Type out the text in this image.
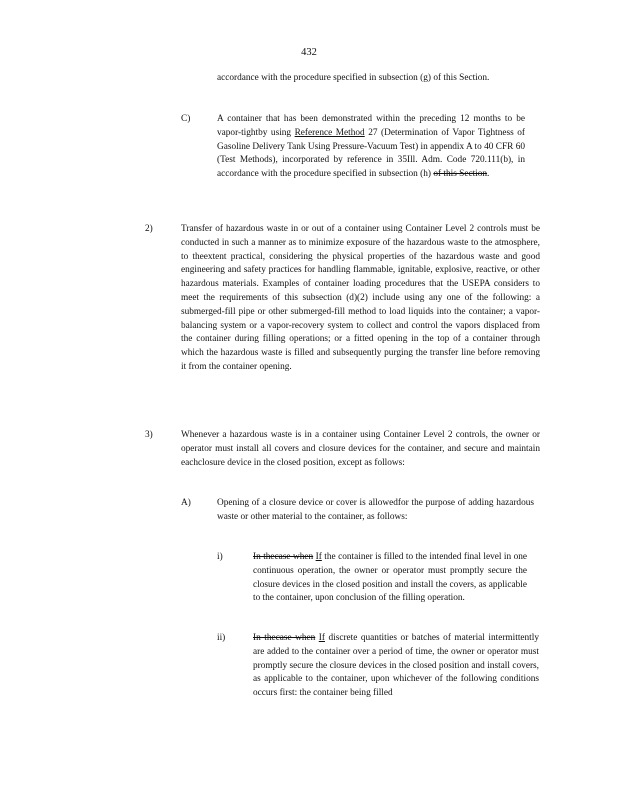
432
accordance with the procedure specified in subsection (g) of this Section.
C)	A container that has been demonstrated within the preceding 12 months to be vapor-tightby using Reference Method 27 (Determination of Vapor Tightness of Gasoline Delivery Tank Using Pressure-Vacuum Test) in appendix A to 40 CFR 60 (Test Methods), incorporated by reference in 35Ill. Adm. Code 720.111(b), in accordance with the procedure specified in subsection (h) of this Section.
2)	Transfer of hazardous waste in or out of a container using Container Level 2 controls must be conducted in such a manner as to minimize exposure of the hazardous waste to the atmosphere, to theextent practical, considering the physical properties of the hazardous waste and good engineering and safety practices for handling flammable, ignitable, explosive, reactive, or other hazardous materials. Examples of container loading procedures that the USEPA considers to meet the requirements of this subsection (d)(2) include using any one of the following: a submerged-fill pipe or other submerged-fill method to load liquids into the container; a vapor-balancing system or a vapor-recovery system to collect and control the vapors displaced from the container during filling operations; or a fitted opening in the top of a container through which the hazardous waste is filled and subsequently purging the transfer line before removing it from the container opening.
3)	Whenever a hazardous waste is in a container using Container Level 2 controls, the owner or operator must install all covers and closure devices for the container, and secure and maintain eachclosure device in the closed position, except as follows:
A)	Opening of a closure device or cover is allowedfor the purpose of adding hazardous waste or other material to the container, as follows:
i)	In thecase when If the container is filled to the intended final level in one continuous operation, the owner or operator must promptly secure the closure devices in the closed position and install the covers, as applicable to the container, upon conclusion of the filling operation.
ii)	In thecase when If discrete quantities or batches of material intermittently are added to the container over a period of time, the owner or operator must promptly secure the closure devices in the closed position and install covers, as applicable to the container, upon whichever of the following conditions occurs first: the container being filled
